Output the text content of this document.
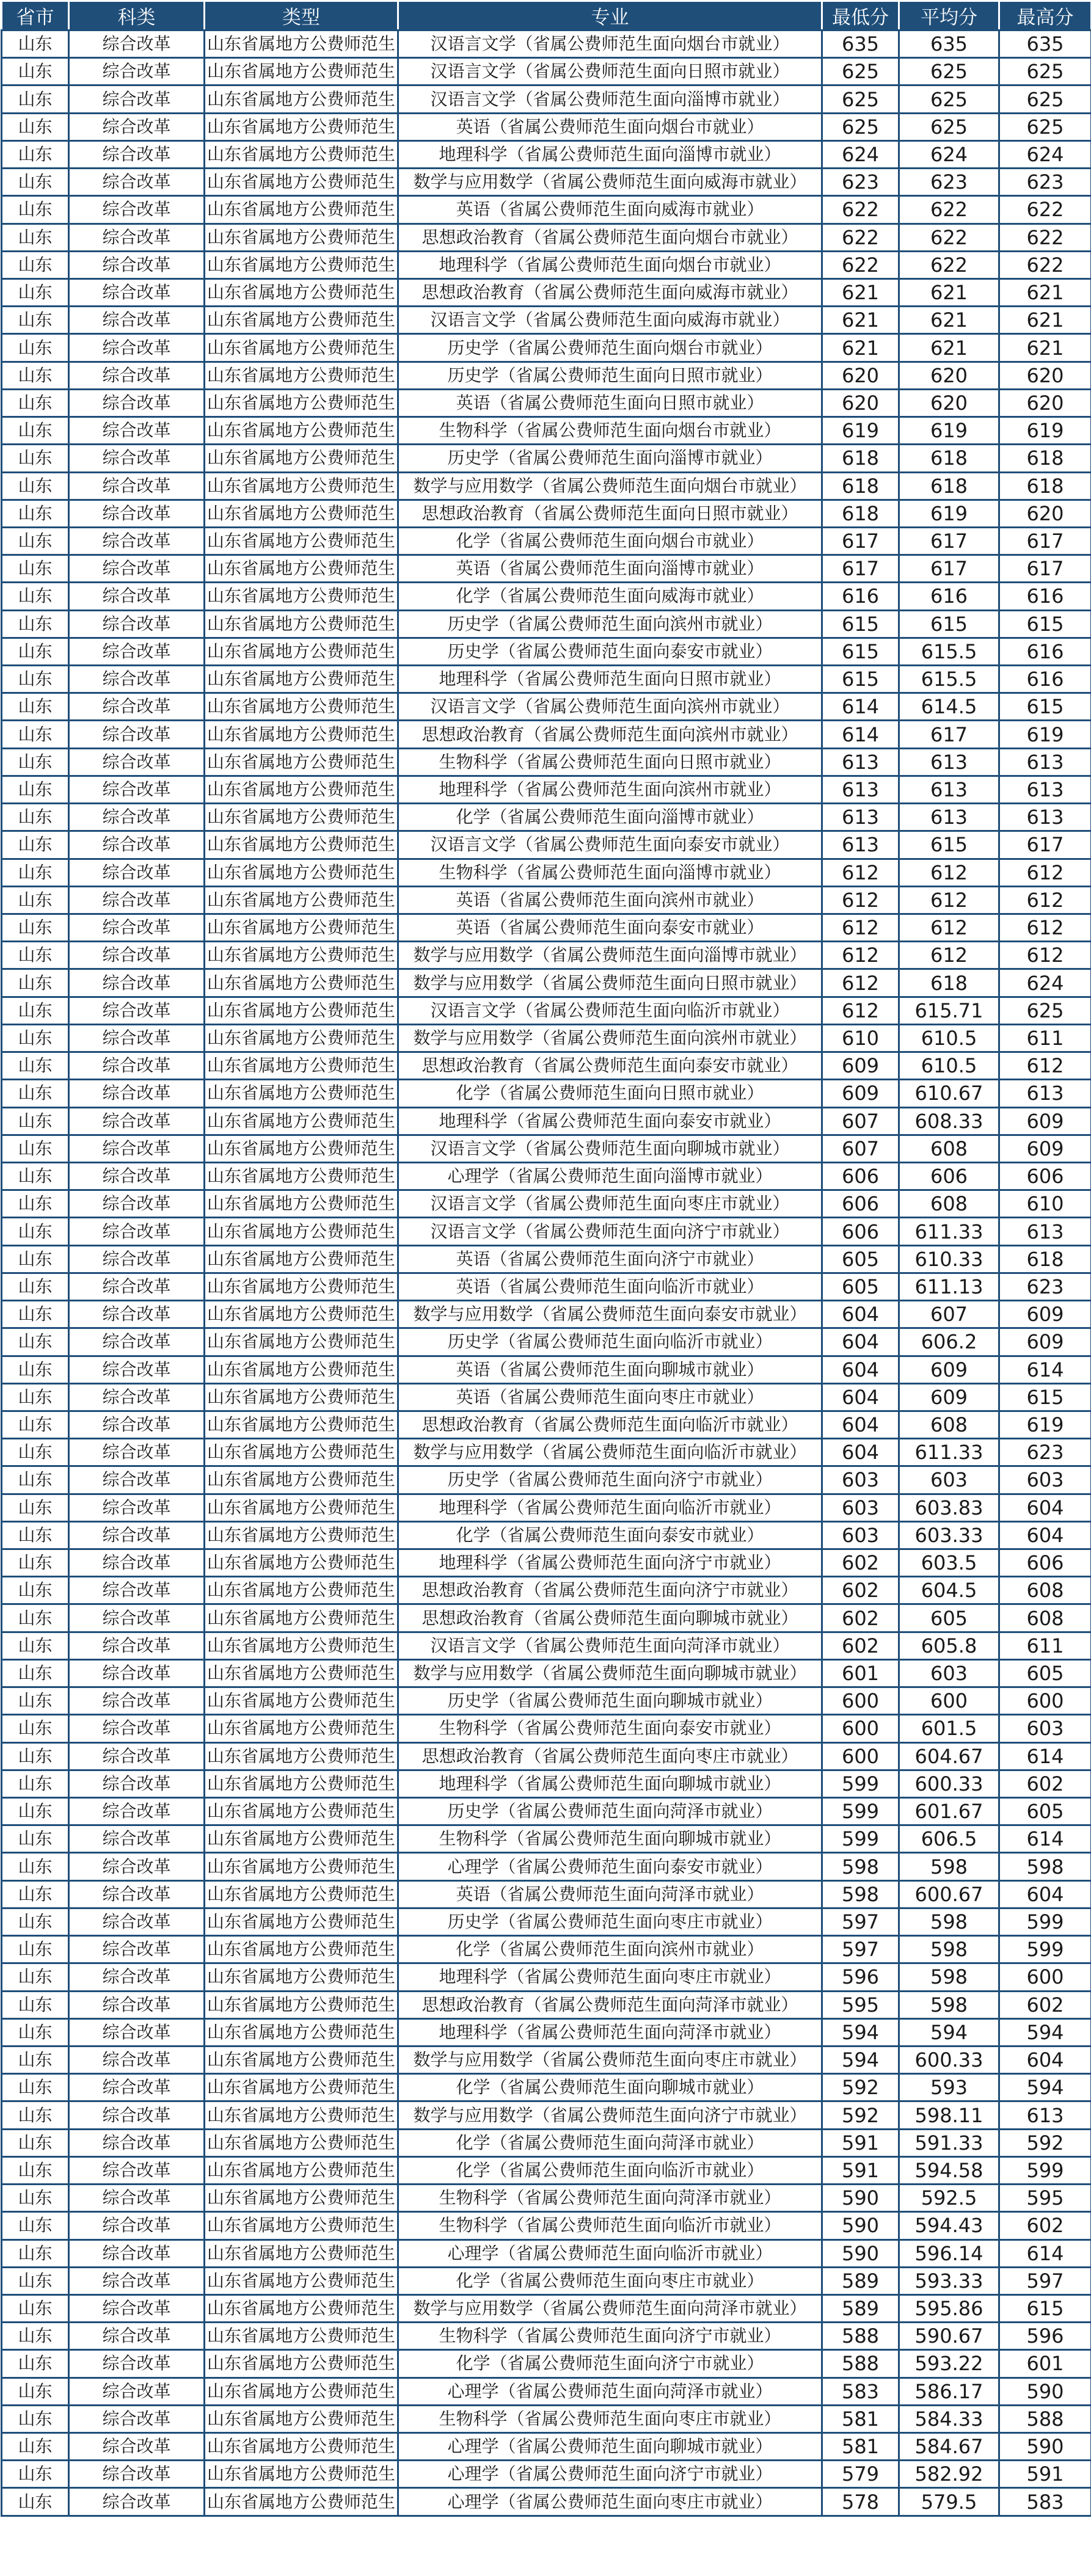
省市	科类	类型	专业	最低分	平均分	最高分
山东	综合改革	山东省属地方公费师范生	汉语言文学（省属公费师范生面向烟台市就业）	635	635	635
山东	综合改革	山东省属地方公费师范生	汉语言文学（省属公费师范生面向日照市就业）	625	625	625
山东	综合改革	山东省属地方公费师范生	汉语言文学（省属公费师范生面向淄博市就业）	625	625	625
山东	综合改革	山东省属地方公费师范生	英语（省属公费师范生面向烟台市就业）	625	625	625
山东	综合改革	山东省属地方公费师范生	地理科学（省属公费师范生面向淄博市就业）	624	624	624
山东	综合改革	山东省属地方公费师范生	数学与应用数学（省属公费师范生面向威海市就业）	623	623	623
山东	综合改革	山东省属地方公费师范生	英语（省属公费师范生面向威海市就业）	622	622	622
山东	综合改革	山东省属地方公费师范生	思想政治教育（省属公费师范生面向烟台市就业）	622	622	622
山东	综合改革	山东省属地方公费师范生	地理科学（省属公费师范生面向烟台市就业）	622	622	622
山东	综合改革	山东省属地方公费师范生	思想政治教育（省属公费师范生面向威海市就业）	621	621	621
山东	综合改革	山东省属地方公费师范生	汉语言文学（省属公费师范生面向威海市就业）	621	621	621
山东	综合改革	山东省属地方公费师范生	历史学（省属公费师范生面向烟台市就业）	621	621	621
山东	综合改革	山东省属地方公费师范生	历史学（省属公费师范生面向日照市就业）	620	620	620
山东	综合改革	山东省属地方公费师范生	英语（省属公费师范生面向日照市就业）	620	620	620
山东	综合改革	山东省属地方公费师范生	生物科学（省属公费师范生面向烟台市就业）	619	619	619
山东	综合改革	山东省属地方公费师范生	历史学（省属公费师范生面向淄博市就业）	618	618	618
山东	综合改革	山东省属地方公费师范生	数学与应用数学（省属公费师范生面向烟台市就业）	618	618	618
山东	综合改革	山东省属地方公费师范生	思想政治教育（省属公费师范生面向日照市就业）	618	619	620
山东	综合改革	山东省属地方公费师范生	化学（省属公费师范生面向烟台市就业）	617	617	617
山东	综合改革	山东省属地方公费师范生	英语（省属公费师范生面向淄博市就业）	617	617	617
山东	综合改革	山东省属地方公费师范生	化学（省属公费师范生面向威海市就业）	616	616	616
山东	综合改革	山东省属地方公费师范生	历史学（省属公费师范生面向滨州市就业）	615	615	615
山东	综合改革	山东省属地方公费师范生	历史学（省属公费师范生面向泰安市就业）	615	615.5	616
山东	综合改革	山东省属地方公费师范生	地理科学（省属公费师范生面向日照市就业）	615	615.5	616
山东	综合改革	山东省属地方公费师范生	汉语言文学（省属公费师范生面向滨州市就业）	614	614.5	615
山东	综合改革	山东省属地方公费师范生	思想政治教育（省属公费师范生面向滨州市就业）	614	617	619
山东	综合改革	山东省属地方公费师范生	生物科学（省属公费师范生面向日照市就业）	613	613	613
山东	综合改革	山东省属地方公费师范生	地理科学（省属公费师范生面向滨州市就业）	613	613	613
山东	综合改革	山东省属地方公费师范生	化学（省属公费师范生面向淄博市就业）	613	613	613
山东	综合改革	山东省属地方公费师范生	汉语言文学（省属公费师范生面向泰安市就业）	613	615	617
山东	综合改革	山东省属地方公费师范生	生物科学（省属公费师范生面向淄博市就业）	612	612	612
山东	综合改革	山东省属地方公费师范生	英语（省属公费师范生面向滨州市就业）	612	612	612
山东	综合改革	山东省属地方公费师范生	英语（省属公费师范生面向泰安市就业）	612	612	612
山东	综合改革	山东省属地方公费师范生	数学与应用数学（省属公费师范生面向淄博市就业）	612	612	612
山东	综合改革	山东省属地方公费师范生	数学与应用数学（省属公费师范生面向日照市就业）	612	618	624
山东	综合改革	山东省属地方公费师范生	汉语言文学（省属公费师范生面向临沂市就业）	612	615.71	625
山东	综合改革	山东省属地方公费师范生	数学与应用数学（省属公费师范生面向滨州市就业）	610	610.5	611
山东	综合改革	山东省属地方公费师范生	思想政治教育（省属公费师范生面向泰安市就业）	609	610.5	612
山东	综合改革	山东省属地方公费师范生	化学（省属公费师范生面向日照市就业）	609	610.67	613
山东	综合改革	山东省属地方公费师范生	地理科学（省属公费师范生面向泰安市就业）	607	608.33	609
山东	综合改革	山东省属地方公费师范生	汉语言文学（省属公费师范生面向聊城市就业）	607	608	609
山东	综合改革	山东省属地方公费师范生	心理学（省属公费师范生面向淄博市就业）	606	606	606
山东	综合改革	山东省属地方公费师范生	汉语言文学（省属公费师范生面向枣庄市就业）	606	608	610
山东	综合改革	山东省属地方公费师范生	汉语言文学（省属公费师范生面向济宁市就业）	606	611.33	613
山东	综合改革	山东省属地方公费师范生	英语（省属公费师范生面向济宁市就业）	605	610.33	618
山东	综合改革	山东省属地方公费师范生	英语（省属公费师范生面向临沂市就业）	605	611.13	623
山东	综合改革	山东省属地方公费师范生	数学与应用数学（省属公费师范生面向泰安市就业）	604	607	609
山东	综合改革	山东省属地方公费师范生	历史学（省属公费师范生面向临沂市就业）	604	606.2	609
山东	综合改革	山东省属地方公费师范生	英语（省属公费师范生面向聊城市就业）	604	609	614
山东	综合改革	山东省属地方公费师范生	英语（省属公费师范生面向枣庄市就业）	604	609	615
山东	综合改革	山东省属地方公费师范生	思想政治教育（省属公费师范生面向临沂市就业）	604	608	619
山东	综合改革	山东省属地方公费师范生	数学与应用数学（省属公费师范生面向临沂市就业）	604	611.33	623
山东	综合改革	山东省属地方公费师范生	历史学（省属公费师范生面向济宁市就业）	603	603	603
山东	综合改革	山东省属地方公费师范生	地理科学（省属公费师范生面向临沂市就业）	603	603.83	604
山东	综合改革	山东省属地方公费师范生	化学（省属公费师范生面向泰安市就业）	603	603.33	604
山东	综合改革	山东省属地方公费师范生	地理科学（省属公费师范生面向济宁市就业）	602	603.5	606
山东	综合改革	山东省属地方公费师范生	思想政治教育（省属公费师范生面向济宁市就业）	602	604.5	608
山东	综合改革	山东省属地方公费师范生	思想政治教育（省属公费师范生面向聊城市就业）	602	605	608
山东	综合改革	山东省属地方公费师范生	汉语言文学（省属公费师范生面向菏泽市就业）	602	605.8	611
山东	综合改革	山东省属地方公费师范生	数学与应用数学（省属公费师范生面向聊城市就业）	601	603	605
山东	综合改革	山东省属地方公费师范生	历史学（省属公费师范生面向聊城市就业）	600	600	600
山东	综合改革	山东省属地方公费师范生	生物科学（省属公费师范生面向泰安市就业）	600	601.5	603
山东	综合改革	山东省属地方公费师范生	思想政治教育（省属公费师范生面向枣庄市就业）	600	604.67	614
山东	综合改革	山东省属地方公费师范生	地理科学（省属公费师范生面向聊城市就业）	599	600.33	602
山东	综合改革	山东省属地方公费师范生	历史学（省属公费师范生面向菏泽市就业）	599	601.67	605
山东	综合改革	山东省属地方公费师范生	生物科学（省属公费师范生面向聊城市就业）	599	606.5	614
山东	综合改革	山东省属地方公费师范生	心理学（省属公费师范生面向泰安市就业）	598	598	598
山东	综合改革	山东省属地方公费师范生	英语（省属公费师范生面向菏泽市就业）	598	600.67	604
山东	综合改革	山东省属地方公费师范生	历史学（省属公费师范生面向枣庄市就业）	597	598	599
山东	综合改革	山东省属地方公费师范生	化学（省属公费师范生面向滨州市就业）	597	598	599
山东	综合改革	山东省属地方公费师范生	地理科学（省属公费师范生面向枣庄市就业）	596	598	600
山东	综合改革	山东省属地方公费师范生	思想政治教育（省属公费师范生面向菏泽市就业）	595	598	602
山东	综合改革	山东省属地方公费师范生	地理科学（省属公费师范生面向菏泽市就业）	594	594	594
山东	综合改革	山东省属地方公费师范生	数学与应用数学（省属公费师范生面向枣庄市就业）	594	600.33	604
山东	综合改革	山东省属地方公费师范生	化学（省属公费师范生面向聊城市就业）	592	593	594
山东	综合改革	山东省属地方公费师范生	数学与应用数学（省属公费师范生面向济宁市就业）	592	598.11	613
山东	综合改革	山东省属地方公费师范生	化学（省属公费师范生面向菏泽市就业）	591	591.33	592
山东	综合改革	山东省属地方公费师范生	化学（省属公费师范生面向临沂市就业）	591	594.58	599
山东	综合改革	山东省属地方公费师范生	生物科学（省属公费师范生面向菏泽市就业）	590	592.5	595
山东	综合改革	山东省属地方公费师范生	生物科学（省属公费师范生面向临沂市就业）	590	594.43	602
山东	综合改革	山东省属地方公费师范生	心理学（省属公费师范生面向临沂市就业）	590	596.14	614
山东	综合改革	山东省属地方公费师范生	化学（省属公费师范生面向枣庄市就业）	589	593.33	597
山东	综合改革	山东省属地方公费师范生	数学与应用数学（省属公费师范生面向菏泽市就业）	589	595.86	615
山东	综合改革	山东省属地方公费师范生	生物科学（省属公费师范生面向济宁市就业）	588	590.67	596
山东	综合改革	山东省属地方公费师范生	化学（省属公费师范生面向济宁市就业）	588	593.22	601
山东	综合改革	山东省属地方公费师范生	心理学（省属公费师范生面向菏泽市就业）	583	586.17	590
山东	综合改革	山东省属地方公费师范生	生物科学（省属公费师范生面向枣庄市就业）	581	584.33	588
山东	综合改革	山东省属地方公费师范生	心理学（省属公费师范生面向聊城市就业）	581	584.67	590
山东	综合改革	山东省属地方公费师范生	心理学（省属公费师范生面向济宁市就业）	579	582.92	591
山东	综合改革	山东省属地方公费师范生	心理学（省属公费师范生面向枣庄市就业）	578	579.5	583
